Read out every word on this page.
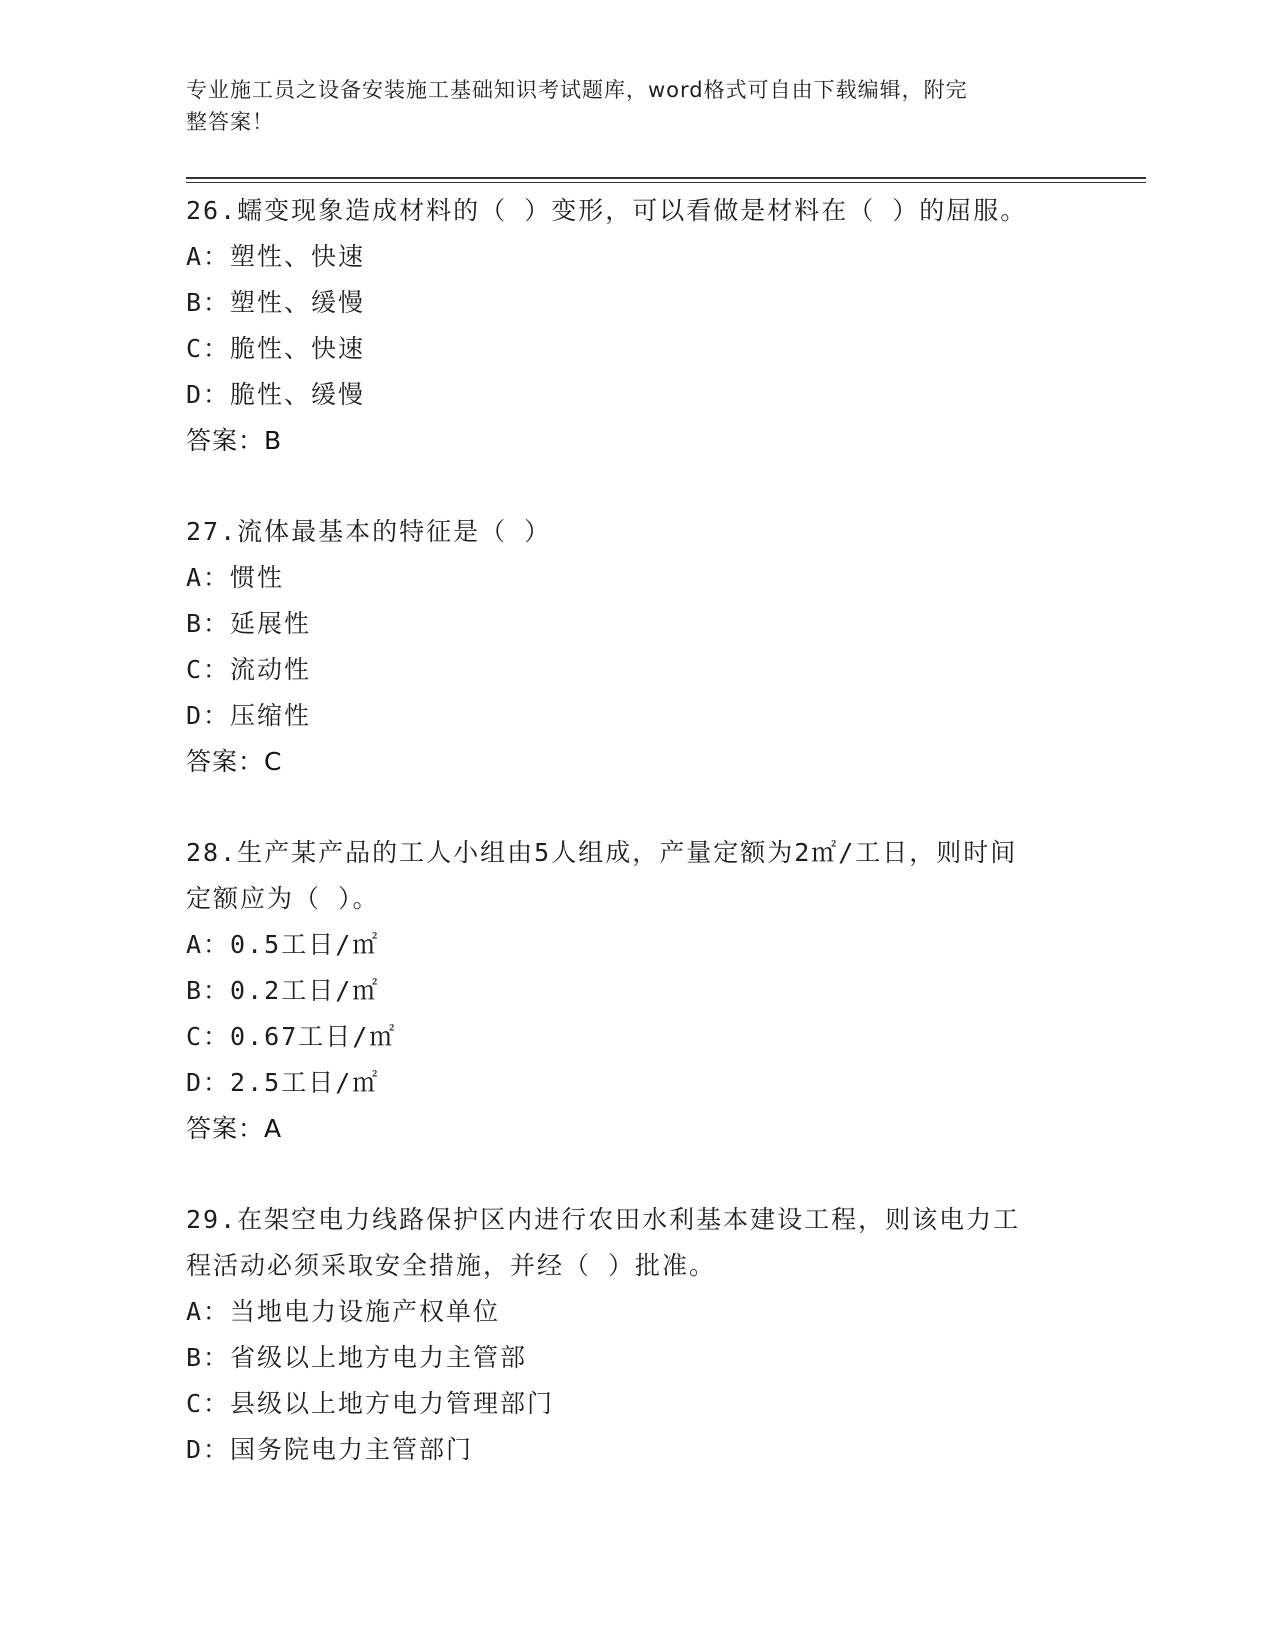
专业施工员之设备安装施工基础知识考试题库，word格式可自由下载编辑，附完
整答案！
26.蠕变现象造成材料的（ ）变形，可以看做是材料在（ ）的屈服。
A：塑性、快速
B：塑性、缓慢
C：脆性、快速
D：脆性、缓慢
答案：B
27.流体最基本的特征是（ ）
A：惯性
B：延展性
C：流动性
D：压缩性
答案：C
28.生产某产品的工人小组由5人组成，产量定额为2㎡/工日，则时间
定额应为（ ）。
A：0.5工日/㎡
B：0.2工日/㎡
C：0.67工日/㎡
D：2.5工日/㎡
答案：A
29.在架空电力线路保护区内进行农田水利基本建设工程，则该电力工
程活动必须采取安全措施，并经（ ）批准。
A：当地电力设施产权单位
B：省级以上地方电力主管部
C：县级以上地方电力管理部门
D：国务院电力主管部门
